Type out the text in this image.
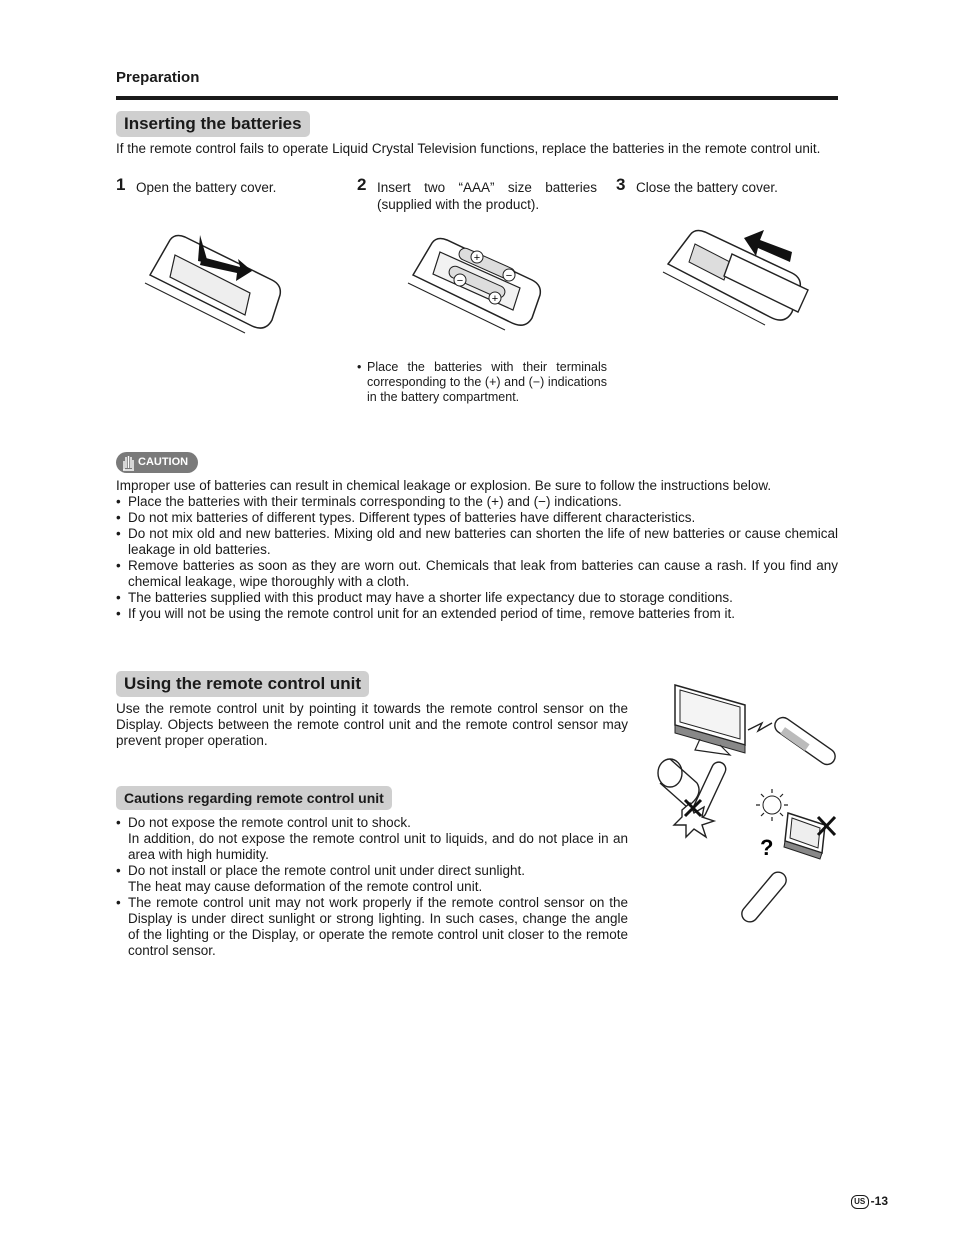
Preparation
Inserting the batteries
If the remote control fails to operate Liquid Crystal Television functions, replace the batteries in the remote control unit.
1 Open the battery cover.	2 Insert two “AAA” size batteries (supplied with the product).
3 Close the battery cover.
+
−
−
+
• Place the batteries with their terminals corresponding to the (+) and (−) indications in the battery compartment.
CAUTION
Improper use of batteries can result in chemical leakage or explosion. Be sure to follow the instructions below.
• Place the batteries with their terminals corresponding to the (+) and (−) indications.
• Do not mix batteries of different types. Different types of batteries have different characteristics.
• Do not mix old and new batteries. Mixing old and new batteries can shorten the life of new batteries or cause chemical leakage in old batteries.
• Remove batteries as soon as they are worn out. Chemicals that leak from batteries can cause a rash. If you find any chemical leakage, wipe thoroughly with a cloth.
• The batteries supplied with this product may have a shorter life expectancy due to storage conditions.
• If you will not be using the remote control unit for an extended period of time, remove batteries from it.
Using the remote control unit
Use the remote control unit by pointing it towards the remote control sensor on the Display. Objects between the remote control unit and the remote control sensor may prevent proper operation.
Cautions regarding remote control unit
• Do not expose the remote control unit to shock.
In addition, do not expose the remote control unit to liquids, and do not place in an area with high humidity.
• Do not install or place the remote control unit under direct sunlight.
The heat may cause deformation of the remote control unit.
• The remote control unit may not work properly if the remote control sensor on the Display is under direct sunlight or strong lighting. In such cases, change the angle of the lighting or the Display, or operate the remote control unit closer to the remote control sensor.
?
US -13
